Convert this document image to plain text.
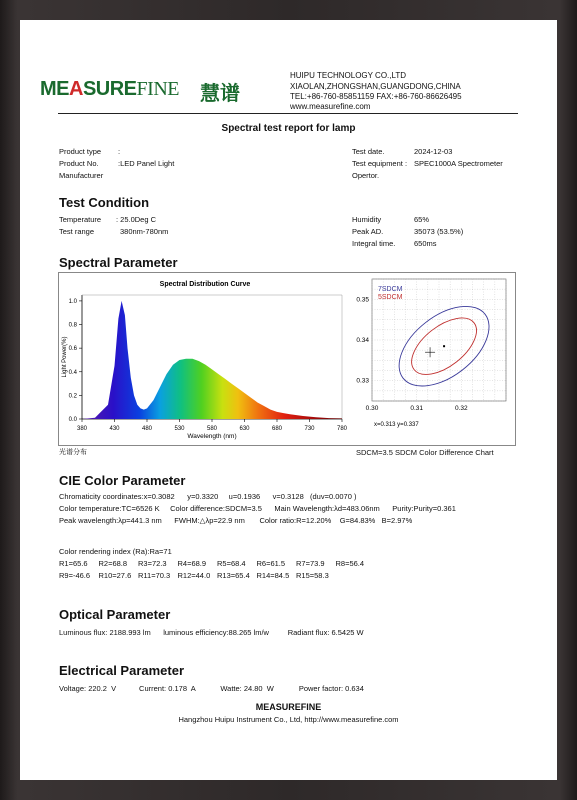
MEASUREFINE 慧谱
HUIPU TECHNOLOGY CO.,LTD
XIAOLAN,ZHONGSHAN,GUANGDONG,CHINA
TEL:+86-760-85851159 FAX:+86-760-86626495
www.measurefine.com
Spectral test report for lamp
Product type :
Product No.	:LED Panel Light
Manufacturer
Test date.	2024-12-03
Test equipment : SPEC1000A Spectrometer
Opertor.
Test Condition
Temperature : 25.0Deg C
Test range	380nm-780nm
Humidity	65%
Peak AD.	35073 (53.5%)
Integral time. 650ms
Spectral Parameter
Spectral Distribution Curve
0.0
0.2
0.4
0.6
0.8
1.0
380	430	480	530	580	630	680	730	780
Wavelength (nm)
Light Power(%)
0.30	0.31	0.32
0.35
0.34
0.33
7SDCM
5SDCM
x=0.313 y=0.337
光谱分布	SDCM=3.5 SDCM Color Difference Chart
CIE Color Parameter
Chromaticity coordinates:x=0.3082      y=0.3320     u=0.1936      v=0.3128   (duv=0.0070 )
Color temperature:TC=6526 K     Color difference:SDCM=3.5      Main Wavelength:λd=483.06nm      Purity:Purity=0.361
Peak wavelength:λp=441.3 nm      FWHM:△λp=22.9 nm       Color ratio:R=12.20%    G=84.83%   B=2.97%
Color rendering index (Ra):Ra=71
R1=65.6 R2=68.8 R3=72.3 R4=68.9 R5=68.4 R6=61.5 R7=73.9 R8=56.4
R9=-46.6 R10=27.6 R11=70.3 R12=44.0 R13=65.4 R14=84.5 R15=58.3
Optical Parameter
Luminous flux: 2188.993 lm      luminous efficiency:88.265 lm/w         Radiant flux: 6.5425 W
Electrical Parameter
Voltage: 220.2  V           Current: 0.178  A            Watte: 24.80  W            Power factor: 0.634
MEASUREFINE
Hangzhou Huipu Instrument Co., Ltd, http://www.measurefine.com
